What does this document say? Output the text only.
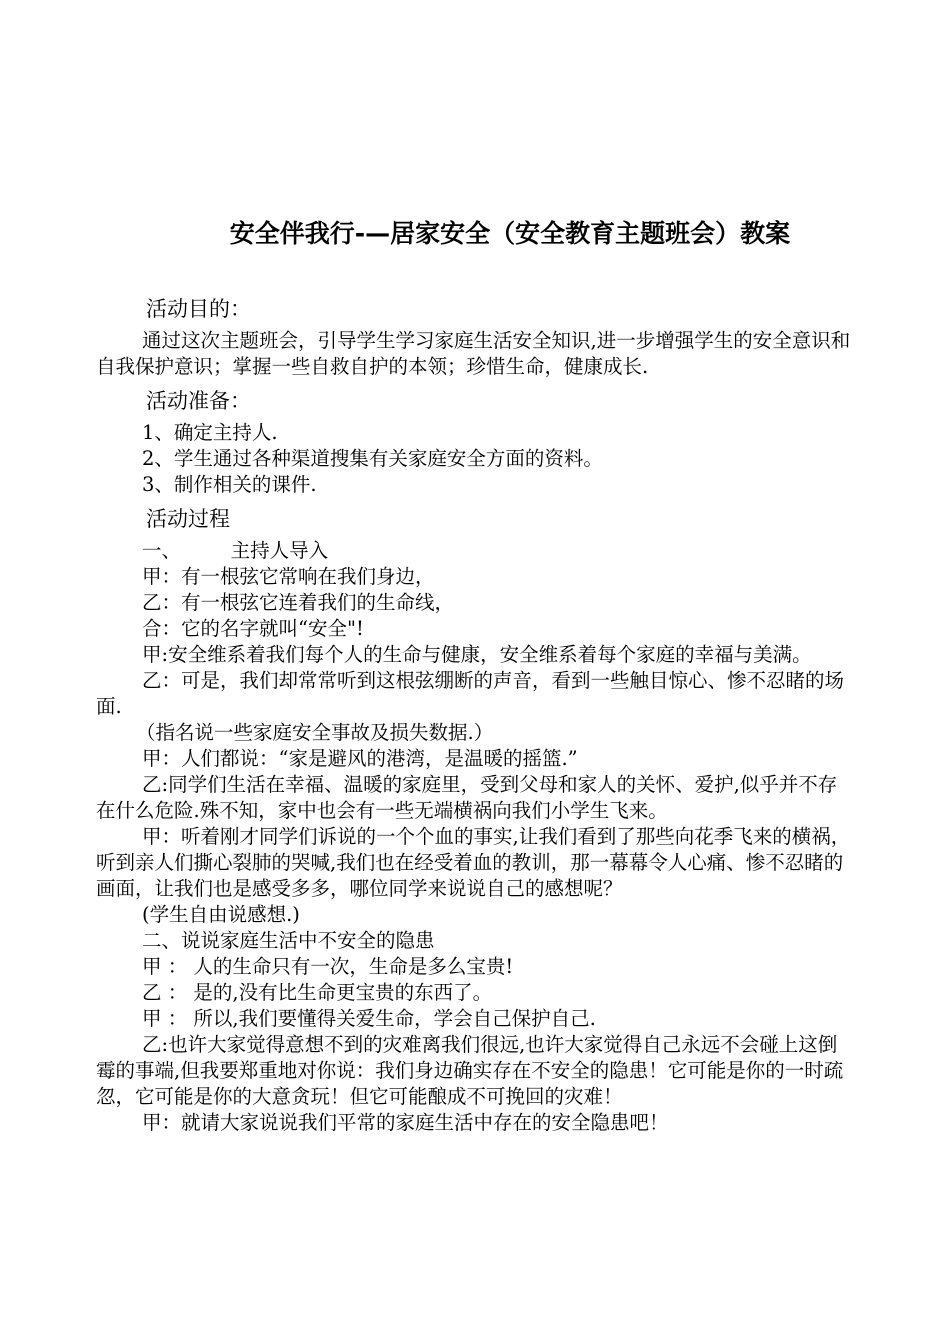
安全伴我行-—居家安全（安全教育主题班会）教案
活动目的：

通过这次主题班会，引导学生学习家庭生活安全知识,进一步增强学生的安全意识和自我保护意识；掌握一些自救自护的本领；珍惜生命，健康成长.

活动准备：

1、确定主持人.

2、学生通过各种渠道搜集有关家庭安全方面的资料。

3、制作相关的课件.

活动过程

一、        主持人导入

甲：有一根弦它常响在我们身边，

乙：有一根弦它连着我们的生命线，

合：它的名字就叫“安全"!

甲:安全维系着我们每个人的生命与健康，安全维系着每个家庭的幸福与美满。

乙：可是，我们却常常听到这根弦绷断的声音，看到一些触目惊心、惨不忍睹的场面.

（指名说一些家庭安全事故及损失数据.）

甲：人们都说：“家是避风的港湾，是温暖的摇篮.”

乙:同学们生活在幸福、温暖的家庭里，受到父母和家人的关怀、爱护,似乎并不存在什么危险.殊不知，家中也会有一些无端横祸向我们小学生飞来。

甲：听着刚才同学们诉说的一个个血的事实,让我们看到了那些向花季飞来的横祸，听到亲人们撕心裂肺的哭喊,我们也在经受着血的教训，那一幕幕令人心痛、惨不忍睹的画面，让我们也是感受多多，哪位同学来说说自己的感想呢？

(学生自由说感想.)

二、说说家庭生活中不安全的隐患

甲 ： 人的生命只有一次，生命是多么宝贵!

乙 ： 是的,没有比生命更宝贵的东西了。

甲 ： 所以,我们要懂得关爱生命，学会自己保护自己.

乙:也许大家觉得意想不到的灾难离我们很远,也许大家觉得自己永远不会碰上这倒霉的事端,但我要郑重地对你说：我们身边确实存在不安全的隐患！它可能是你的一时疏忽，它可能是你的大意贪玩！但它可能酿成不可挽回的灾难！

甲：就请大家说说我们平常的家庭生活中存在的安全隐患吧！
